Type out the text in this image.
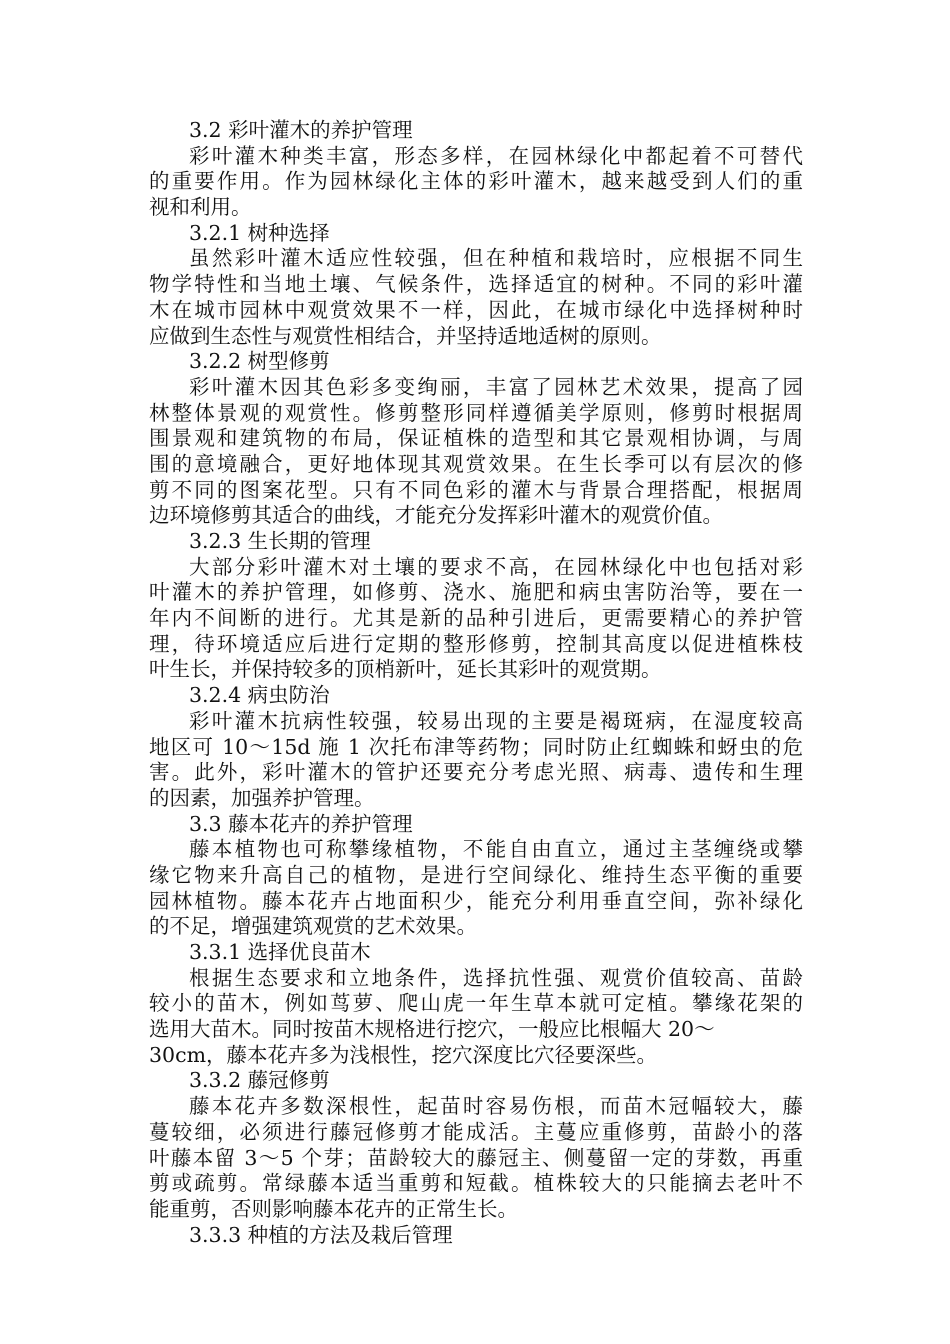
3.2 彩叶灌木的养护管理
彩叶灌木种类丰富，形态多样，在园林绿化中都起着不可替代
的重要作用。作为园林绿化主体的彩叶灌木，越来越受到人们的重
视和利用。
3.2.1 树种选择
虽然彩叶灌木适应性较强，但在种植和栽培时，应根据不同生
物学特性和当地土壤、气候条件，选择适宜的树种。不同的彩叶灌
木在城市园林中观赏效果不一样，因此，在城市绿化中选择树种时
应做到生态性与观赏性相结合，并坚持适地适树的原则。
3.2.2 树型修剪
彩叶灌木因其色彩多变绚丽，丰富了园林艺术效果，提高了园
林整体景观的观赏性。修剪整形同样遵循美学原则，修剪时根据周
围景观和建筑物的布局，保证植株的造型和其它景观相协调，与周
围的意境融合，更好地体现其观赏效果。在生长季可以有层次的修
剪不同的图案花型。只有不同色彩的灌木与背景合理搭配，根据周
边环境修剪其适合的曲线，才能充分发挥彩叶灌木的观赏价值。
3.2.3 生长期的管理
大部分彩叶灌木对土壤的要求不高，在园林绿化中也包括对彩
叶灌木的养护管理，如修剪、浇水、施肥和病虫害防治等，要在一
年内不间断的进行。尤其是新的品种引进后，更需要精心的养护管
理，待环境适应后进行定期的整形修剪，控制其高度以促进植株枝
叶生长，并保持较多的顶梢新叶，延长其彩叶的观赏期。
3.2.4 病虫防治
彩叶灌木抗病性较强，较易出现的主要是褐斑病，在湿度较高
地区可 10～15d 施 1 次托布津等药物；同时防止红蜘蛛和蚜虫的危
害。此外，彩叶灌木的管护还要充分考虑光照、病毒、遗传和生理
的因素，加强养护管理。
3.3 藤本花卉的养护管理
藤本植物也可称攀缘植物，不能自由直立，通过主茎缠绕或攀
缘它物来升高自己的植物，是进行空间绿化、维持生态平衡的重要
园林植物。藤本花卉占地面积少，能充分利用垂直空间，弥补绿化
的不足，增强建筑观赏的艺术效果。
3.3.1 选择优良苗木
根据生态要求和立地条件，选择抗性强、观赏价值较高、苗龄
较小的苗木，例如茑萝、爬山虎一年生草本就可定植。攀缘花架的
选用大苗木。同时按苗木规格进行挖穴，一般应比根幅大 20～
30cm，藤本花卉多为浅根性，挖穴深度比穴径要深些。
3.3.2 藤冠修剪
藤本花卉多数深根性，起苗时容易伤根，而苗木冠幅较大，藤
蔓较细，必须进行藤冠修剪才能成活。主蔓应重修剪，苗龄小的落
叶藤本留 3～5 个芽；苗龄较大的藤冠主、侧蔓留一定的芽数，再重
剪或疏剪。常绿藤本适当重剪和短截。植株较大的只能摘去老叶不
能重剪，否则影响藤本花卉的正常生长。
3.3.3 种植的方法及栽后管理
